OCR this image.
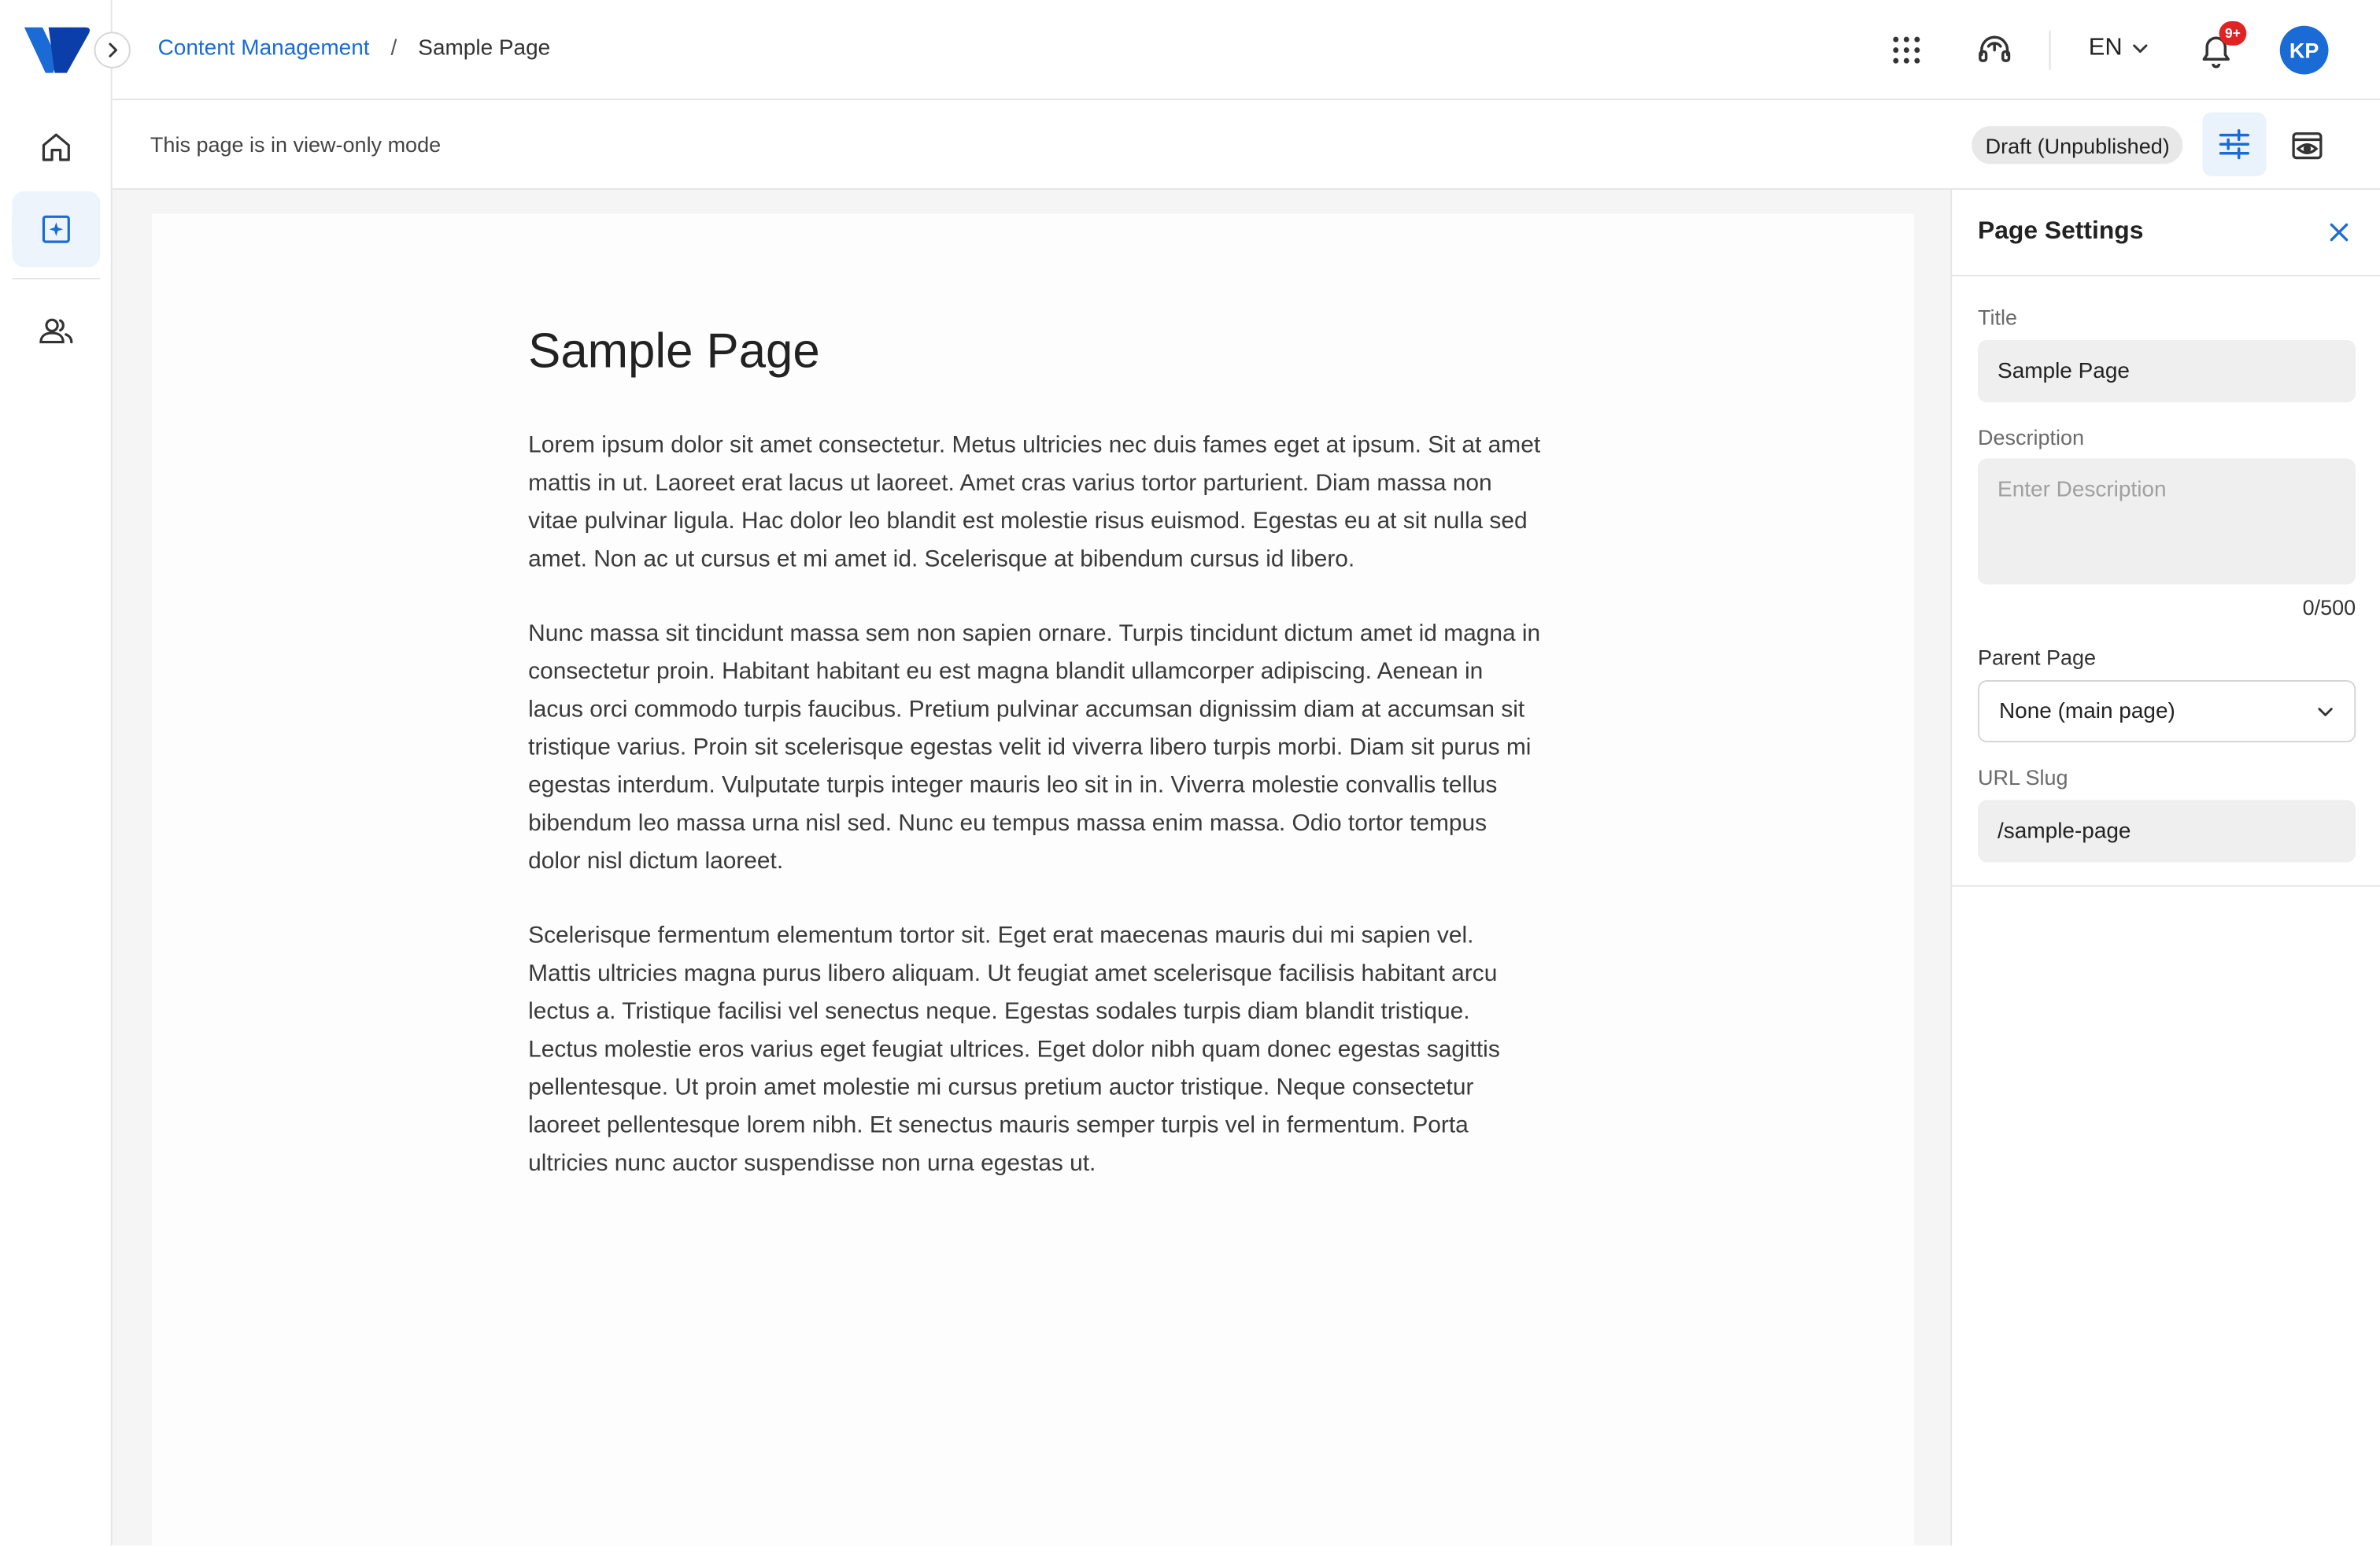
Content Management / Sample Page	EN
9+
KP
This page is in view-only mode	Draft (Unpublished)
Sample Page

Lorem ipsum dolor sit amet consectetur. Metus ultricies nec duis fames eget at ipsum. Sit at amet mattis in ut. Laoreet erat lacus ut laoreet. Amet cras varius tortor parturient. Diam massa non vitae pulvinar ligula. Hac dolor leo blandit est molestie risus euismod. Egestas eu at sit nulla sed amet. Non ac ut cursus et mi amet id. Scelerisque at bibendum cursus id libero.

Nunc massa sit tincidunt massa sem non sapien ornare. Turpis tincidunt dictum amet id magna in consectetur proin. Habitant habitant eu est magna blandit ullamcorper adipiscing. Aenean in lacus orci commodo turpis faucibus. Pretium pulvinar accumsan dignissim diam at accumsan sit tristique varius. Proin sit scelerisque egestas velit id viverra libero turpis morbi. Diam sit purus mi egestas interdum. Vulputate turpis integer mauris leo sit in in. Viverra molestie convallis tellus bibendum leo massa urna nisl sed. Nunc eu tempus massa enim massa. Odio tortor tempus dolor nisl dictum laoreet.

Scelerisque fermentum elementum tortor sit. Eget erat maecenas mauris dui mi sapien vel. Mattis ultricies magna purus libero aliquam. Ut feugiat amet scelerisque facilisis habitant arcu lectus a. Tristique facilisi vel senectus neque. Egestas sodales turpis diam blandit tristique. Lectus molestie eros varius eget feugiat ultrices. Eget dolor nibh quam donec egestas sagittis pellentesque. Ut proin amet molestie mi cursus pretium auctor tristique. Neque consectetur laoreet pellentesque lorem nibh. Et senectus mauris semper turpis vel in fermentum. Porta ultricies nunc auctor suspendisse non urna egestas ut.

Page Settings
Title
Sample Page
Description
Enter Description
0/500
Parent Page
None (main page)
URL Slug
/sample-page
